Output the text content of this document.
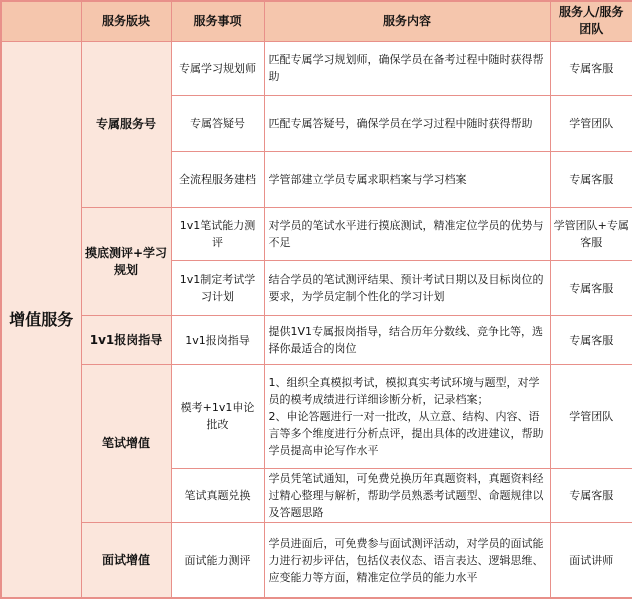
	服务版块	服务事项	服务内容	服务人/服务团队
增值服务	专属服务号	专属学习规划师	匹配专属学习规划师，确保学员在备考过程中随时获得帮助	专属客服
		专属答疑号	匹配专属答疑号，确保学员在学习过程中随时获得帮助	学管团队
		全流程服务建档	学管部建立学员专属求职档案与学习档案	专属客服
	摸底测评+学习规划	1v1笔试能力测评	对学员的笔试水平进行摸底测试，精准定位学员的优势与不足	学管团队+专属客服
		1v1制定考试学习计划	结合学员的笔试测评结果、预计考试日期以及目标岗位的要求，为学员定制个性化的学习计划	专属客服
	1v1报岗指导	1v1报岗指导	提供1V1专属报岗指导，结合历年分数线、竞争比等，选择你最适合的岗位	专属客服
	笔试增值	模考+1v1申论批改	1、组织全真模拟考试，模拟真实考试环境与题型，对学员的模考成绩进行详细诊断分析，记录档案；
2、申论答题进行一对一批改，从立意、结构、内容、语言等多个维度进行分析点评，提出具体的改进建议，帮助学员提高申论写作水平	学管团队
		笔试真题兑换	学员凭笔试通知，可免费兑换历年真题资料，真题资料经过精心整理与解析，帮助学员熟悉考试题型、命题规律以及答题思路	专属客服
	面试增值	面试能力测评	学员进面后，可免费参与面试测评活动，对学员的面试能力进行初步评估，包括仪表仪态、语言表达、逻辑思维、应变能力等方面，精准定位学员的能力水平	面试讲师
